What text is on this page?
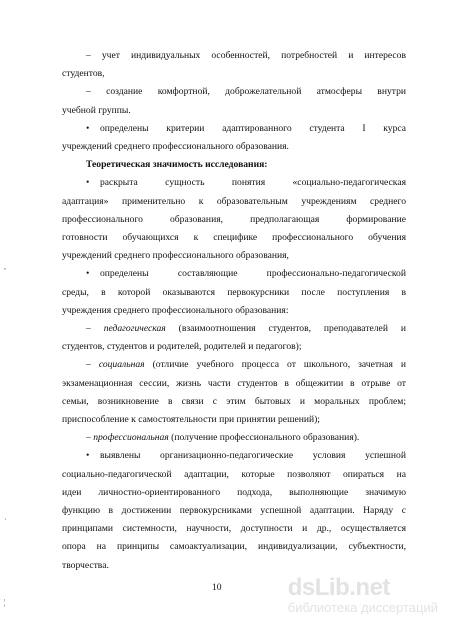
– учет индивидуальных особенностей, потребностей и интересов
студентов,
– создание комфортной, доброжелательной атмосферы внутри
учебной группы.
•	определены критерии адаптированного студента I курса
учреждений среднего профессионального образования.
Теоретическая значимость исследования:
•	раскрыта сущность понятия «социально-педагогическая
адаптация» применительно к образовательным учреждениям среднего
профессионального образования, предполагающая формирование
готовности обучающихся к специфике профессионального обучения
учреждений среднего профессионального образования,
•	определены составляющие профессионально-педагогической
среды, в которой оказываются первокурсники после поступления в
учреждения среднего профессионального образования:
– педагогическая (взаимоотношения студентов, преподавателей и
студентов, студентов и родителей, родителей и педагогов);
– социальная (отличие учебного процесса от школьного, зачетная и
экзаменационная сессии, жизнь части студентов в общежитии в отрыве от
семьи, возникновение в связи с этим бытовых и моральных проблем;
приспособление к самостоятельности при принятии решений);
– профессиональная (получение профессионального образования).
•	выявлены организационно-педагогические условия успешной
социально-педагогической адаптации, которые позволяют опираться на
идеи личностно-ориентированного подхода, выполняющие значимую
функцию в достижении первокурсниками успешной адаптации. Наряду с
10	dsLib.net
библиотека диссертаций
,
·
¦
принципами системности, научности, доступности и др., осуществляется
опора на принципы самоактуализации, индивидуализации, субъектности,
творчества.
